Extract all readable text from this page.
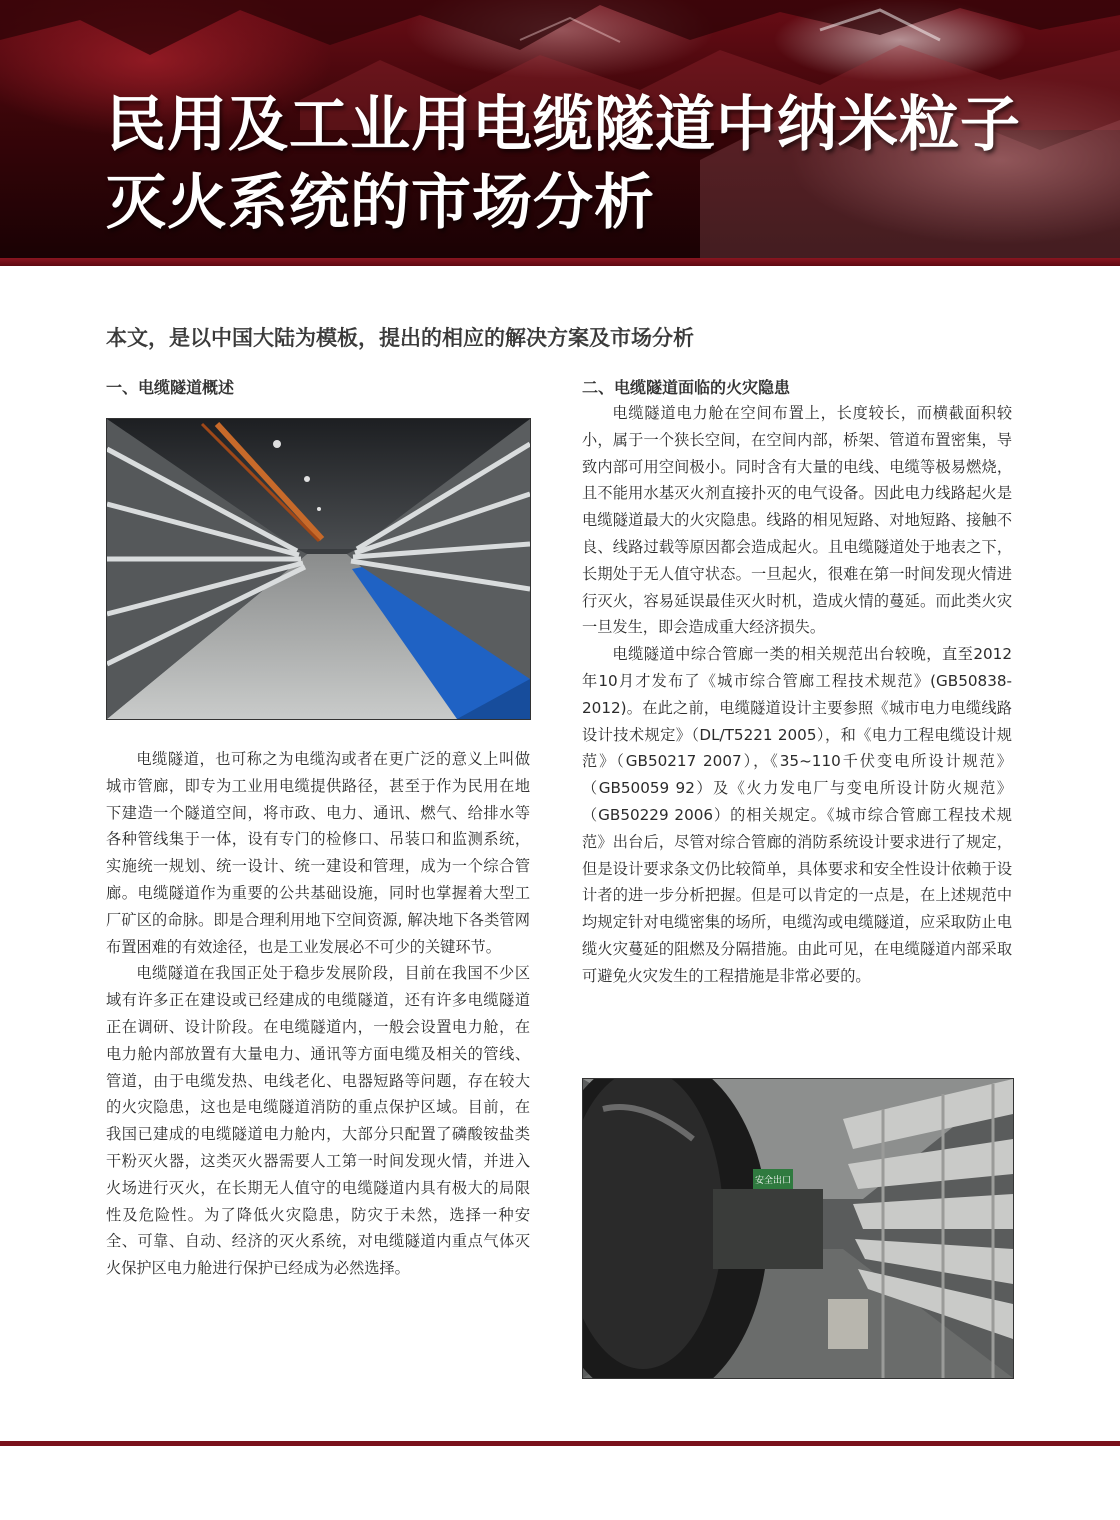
民用及工业用电缆隧道中纳米粒子
灭火系统的市场分析
本文，是以中国大陆为模板，提出的相应的解决方案及市场分析
一、电缆隧道概述

电缆隧道，也可称之为电缆沟或者在更广泛的意义上叫做城市管廊，即专为工业用电缆提供路径，甚至于作为民用在地下建造一个隧道空间，将市政、电力、通讯、燃气、给排水等各种管线集于一体，设有专门的检修口、吊装口和监测系统，实施统一规划、统一设计、统一建设和管理，成为一个综合管廊。电缆隧道作为重要的公共基础设施，同时也掌握着大型工厂矿区的命脉。即是合理利用地下空间资源, 解决地下各类管网布置困难的有效途径，也是工业发展必不可少的关键环节。

电缆隧道在我国正处于稳步发展阶段，目前在我国不少区域有许多正在建设或已经建成的电缆隧道，还有许多电缆隧道正在调研、设计阶段。在电缆隧道内，一般会设置电力舱，在电力舱内部放置有大量电力、通讯等方面电缆及相关的管线、管道，由于电缆发热、电线老化、电器短路等问题，存在较大的火灾隐患，这也是电缆隧道消防的重点保护区域。目前，在我国已建成的电缆隧道电力舱内，大部分只配置了磷酸铵盐类干粉灭火器，这类灭火器需要人工第一时间发现火情，并进入火场进行灭火，在长期无人值守的电缆隧道内具有极大的局限性及危险性。为了降低火灾隐患，防灾于未然，选择一种安全、可靠、自动、经济的灭火系统，对电缆隧道内重点气体灭火保护区电力舱进行保护已经成为必然选择。

二、电缆隧道面临的火灾隐患

电缆隧道电力舱在空间布置上，长度较长，而横截面积较小，属于一个狭长空间，在空间内部，桥架、管道布置密集，导致内部可用空间极小。同时含有大量的电线、电缆等极易燃烧，且不能用水基灭火剂直接扑灭的电气设备。因此电力线路起火是电缆隧道最大的火灾隐患。线路的相见短路、对地短路、接触不良、线路过载等原因都会造成起火。且电缆隧道处于地表之下，长期处于无人值守状态。一旦起火，很难在第一时间发现火情进行灭火，容易延误最佳灭火时机，造成火情的蔓延。而此类火灾一旦发生，即会造成重大经济损失。

电缆隧道中综合管廊一类的相关规范出台较晚，直至2012年10月才发布了《城市综合管廊工程技术规范》(GB50838-2012)。在此之前，电缆隧道设计主要参照《城市电力电缆线路设计技术规定》（DL/T5221 2005），和《电力工程电缆设计规范》（GB50217 2007），《35~110千伏变电所设计规范》（GB50059 92）及《火力发电厂与变电所设计防火规范》（GB50229 2006）的相关规定。《城市综合管廊工程技术规范》出台后，尽管对综合管廊的消防系统设计要求进行了规定，但是设计要求条文仍比较简单，具体要求和安全性设计依赖于设计者的进一步分析把握。但是可以肯定的一点是，在上述规范中均规定针对电缆密集的场所，电缆沟或电缆隧道，应采取防止电缆火灾蔓延的阻燃及分隔措施。由此可见，在电缆隧道内部采取可避免火灾发生的工程措施是非常必要的。

安全出口
